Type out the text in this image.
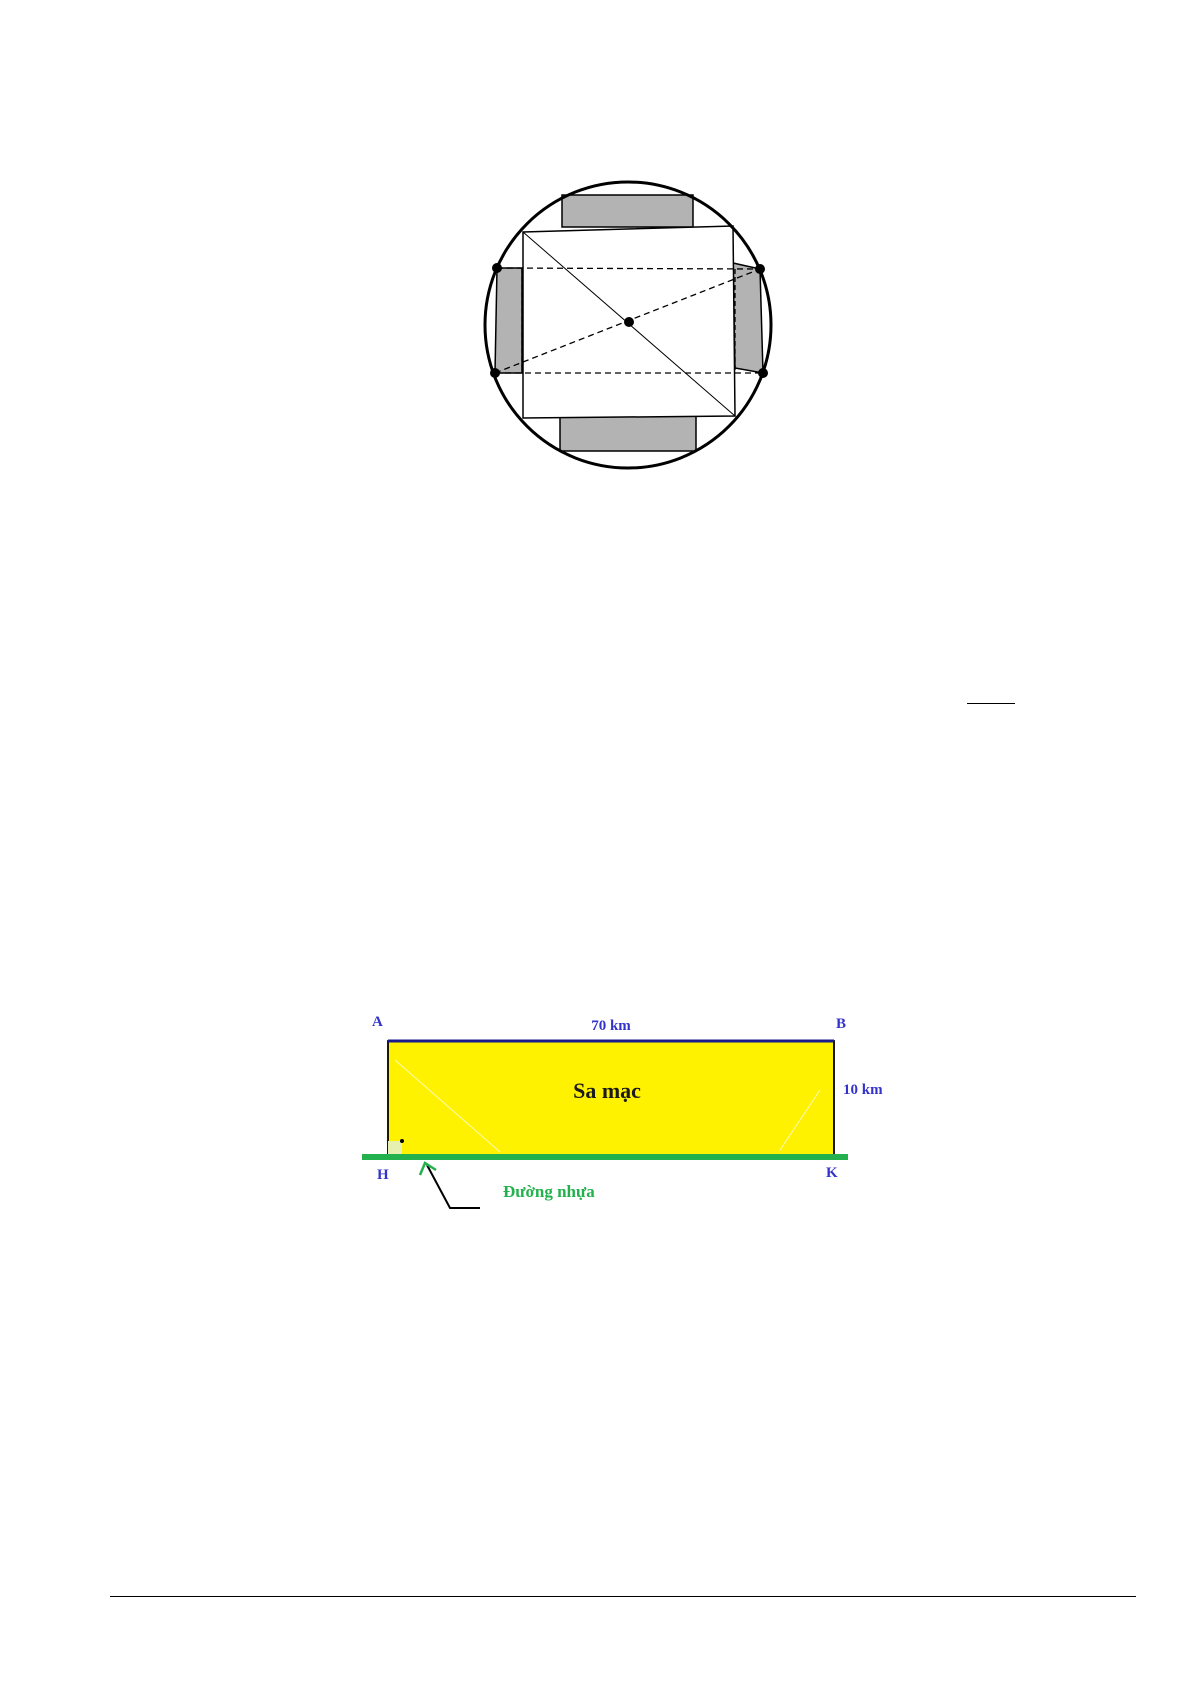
A	B
H	K
70 km
10 km
Sa mạc
Đường nhựa
